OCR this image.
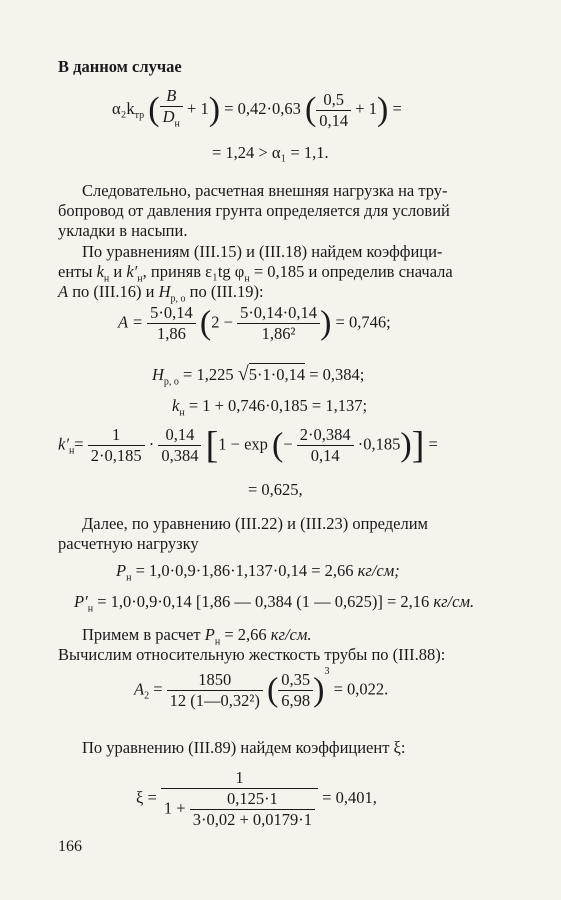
В данном случае
$\alpha_2k_{тр}$ ( $\frac{B}{D_н} + 1) = 0,42\cdot 0,63$ ( $\frac{0,5}{0,14} + 1$) =
= 1,24 > α₁ = 1,1.
Следовательно, расчетная внешняя нагрузка на тру-
бопровод от давления грунта определяется для условий
укладки в насыпи.
По уравнениям (III.15) и (III.18) найдем коэффици-
енты $k_н$ и $k'_н$, приняв ε₁tg $\varphi_н = 0,185$ и определив сначала
A по (III.16) и $H_{р, о}$ по (III.19):
$A = \frac{5\cdot 0,14}{1,86} (2 - \frac{5\cdot 0,14\cdot 0,14}{\text{1,86²}}$ ) = 0,746;
$H_{р, о} = 1,225$ √5·1·0,14 = 0,384;
$k_н = 1 + 0,746\cdot 0,185 = 1,137$;
$k'_н= \frac{1}{2\cdot 0,185} \cdot \frac{0,14}{0,384} [1 - \exp$ (− $\frac{2\cdot 0,384}{0,14} \cdot 0,185$)] =
= 0,625,
Далее, по уравнению (III.22) и (III.23) определим
расчетную нагрузку
$P_н = 1,0\cdot 0,9\cdot 1,86\cdot 1,137\cdot 0,14 = 2,66$ кг/см;
$P'_н = 1,0\cdot 0,9\cdot 0,14$ [1,86 — 0,384 (1 — 0,625)] = 2,16 кг/см.
Примем в расчет $P_н = 2,66$ кг/см.
Вычислим относительную жесткость трубы по (III.88):
$A_2 = \frac{1850}{\text{12 (1—0,32²)}}$ ( $\frac{0,35}{6,98} )^3 = 0,022$.
По уравнению (III.89) найдем коэффициент ξ:
$\xi = \frac{1}{1 + \frac{0,125\cdot 1}{3\cdot 0,02 + 0,0179\cdot 1}} = 0,401$,
166
